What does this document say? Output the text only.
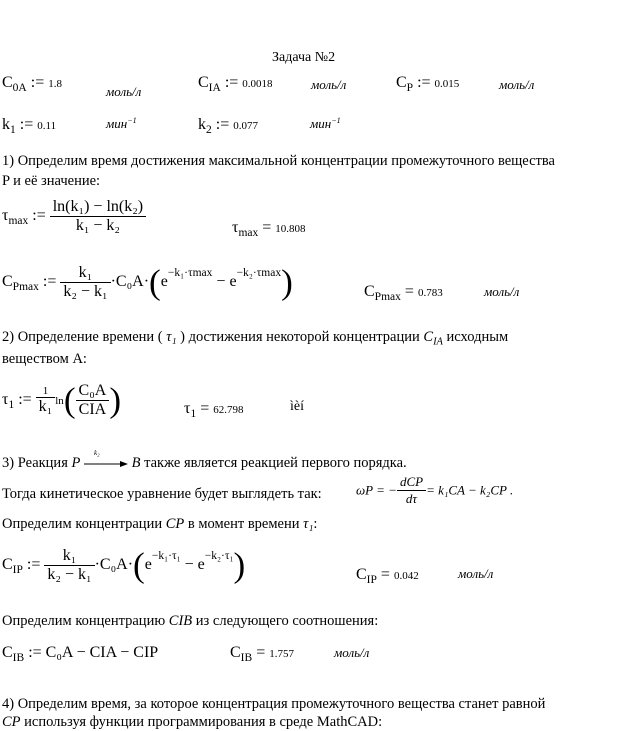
Задача №2
$C_{0A}$ := 1.8	моль/л
$C_{IA}$ := 0.0018	моль/л	$C_P$ := 0.015	моль/л
$k_1$ := 0.11	мин$^{-1}$	$k_2$ := 0.077	мин$^{-1}$
1) Определим время достижения максимальной концентрации промежуточного вещества
P и её значение:
$\tau_{max}$ := $\frac{\text{ln(k₁) − ln(k₂)}}{\text{k₁ − k₂}}$	$\tau_{max} = 10.808$
$C_{Pmax}$ := $\frac{\text{k₁}}{\text{k₂ − k₁}} \cdot C_0A\cdot(e-k_1\cdot\tau\max - e-k_2\cdot\tau\max)$	$C_{Pmax} = 0.783$	моль/л
2) Определение времени ( τ₁ ) достижения некоторой концентрации $C_{IA}$ исходным
веществом А:
$\tau_1$ := $\frac{1}{\text{k₁}} \ln( \frac{\text{C₀A}}{\text{CIA}}$ )	$\tau_1 = 62.798$	ìèí
3) Реакция P
k₂
B также является реакцией первого порядка.
Тогда кинетическое уравнение будет выглядеть так:	ωP = − $\frac{\text{dCP}}{d\tau} = k_1CA - k_2CP$ .
Определим концентрации CP в момент времени τ₁:
$C_{IP}$ := $\frac{\text{k₁}}{\text{k₂ − k₁}} \cdot C_0A\cdot(e-k_1\cdot\tau_1 - e-k_2\cdot\tau_1)$	$C_{IP} = 0.042$	моль/л
Определим концентрацию CIB из следующего соотношения:
$C_{IB}$ := C₀A − CIA − CIP	$C_{IB} = 1.757$	моль/л
4) Определим время, за которое концентрация промежуточного вещества станет равной
CP используя функции программирования в среде MathCAD:
